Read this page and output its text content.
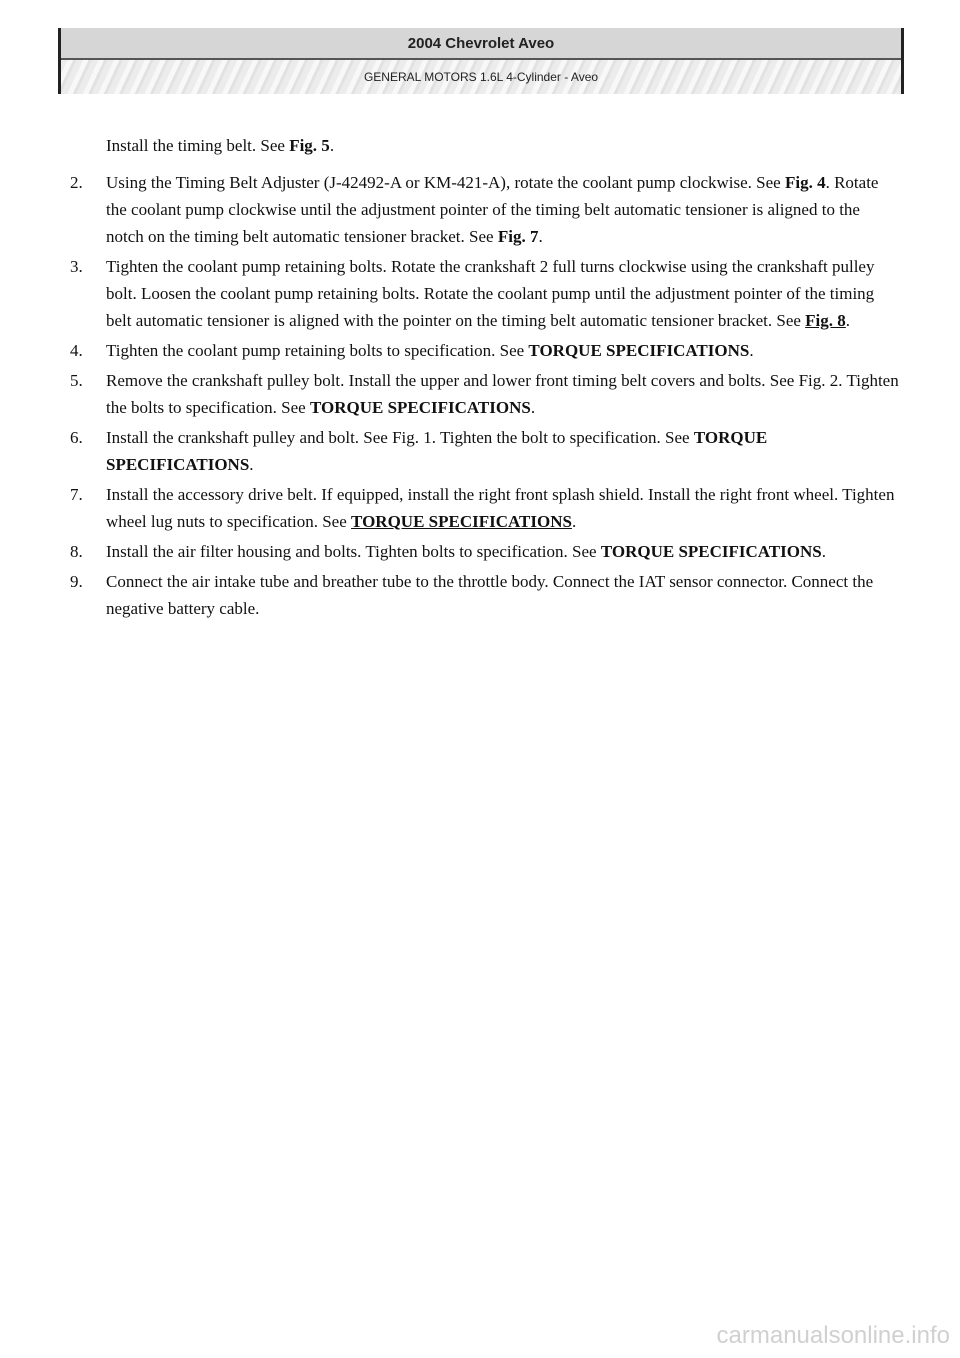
2004 Chevrolet Aveo
GENERAL MOTORS 1.6L 4-Cylinder - Aveo

Install the timing belt. See Fig. 5.

2.	Using the Timing Belt Adjuster (J-42492-A or KM-421-A), rotate the coolant pump clockwise. See Fig. 4. Rotate the coolant pump clockwise until the adjustment pointer of the timing belt automatic tensioner is aligned to the notch on the timing belt automatic tensioner bracket. See Fig. 7.
3.	Tighten the coolant pump retaining bolts. Rotate the crankshaft 2 full turns clockwise using the crankshaft pulley bolt. Loosen the coolant pump retaining bolts. Rotate the coolant pump until the adjustment pointer of the timing belt automatic tensioner is aligned with the pointer on the timing belt automatic tensioner bracket. See Fig. 8.
4.	Tighten the coolant pump retaining bolts to specification. See TORQUE SPECIFICATIONS.
5.	Remove the crankshaft pulley bolt. Install the upper and lower front timing belt covers and bolts. See Fig. 2. Tighten the bolts to specification. See TORQUE SPECIFICATIONS.
6.	Install the crankshaft pulley and bolt. See Fig. 1. Tighten the bolt to specification. See TORQUE SPECIFICATIONS.
7.	Install the accessory drive belt. If equipped, install the right front splash shield. Install the right front wheel. Tighten wheel lug nuts to specification. See TORQUE SPECIFICATIONS.
8.	Install the air filter housing and bolts. Tighten bolts to specification. See TORQUE SPECIFICATIONS.
9.	Connect the air intake tube and breather tube to the throttle body. Connect the IAT sensor connector. Connect the negative battery cable.
carmanualsonline.info
